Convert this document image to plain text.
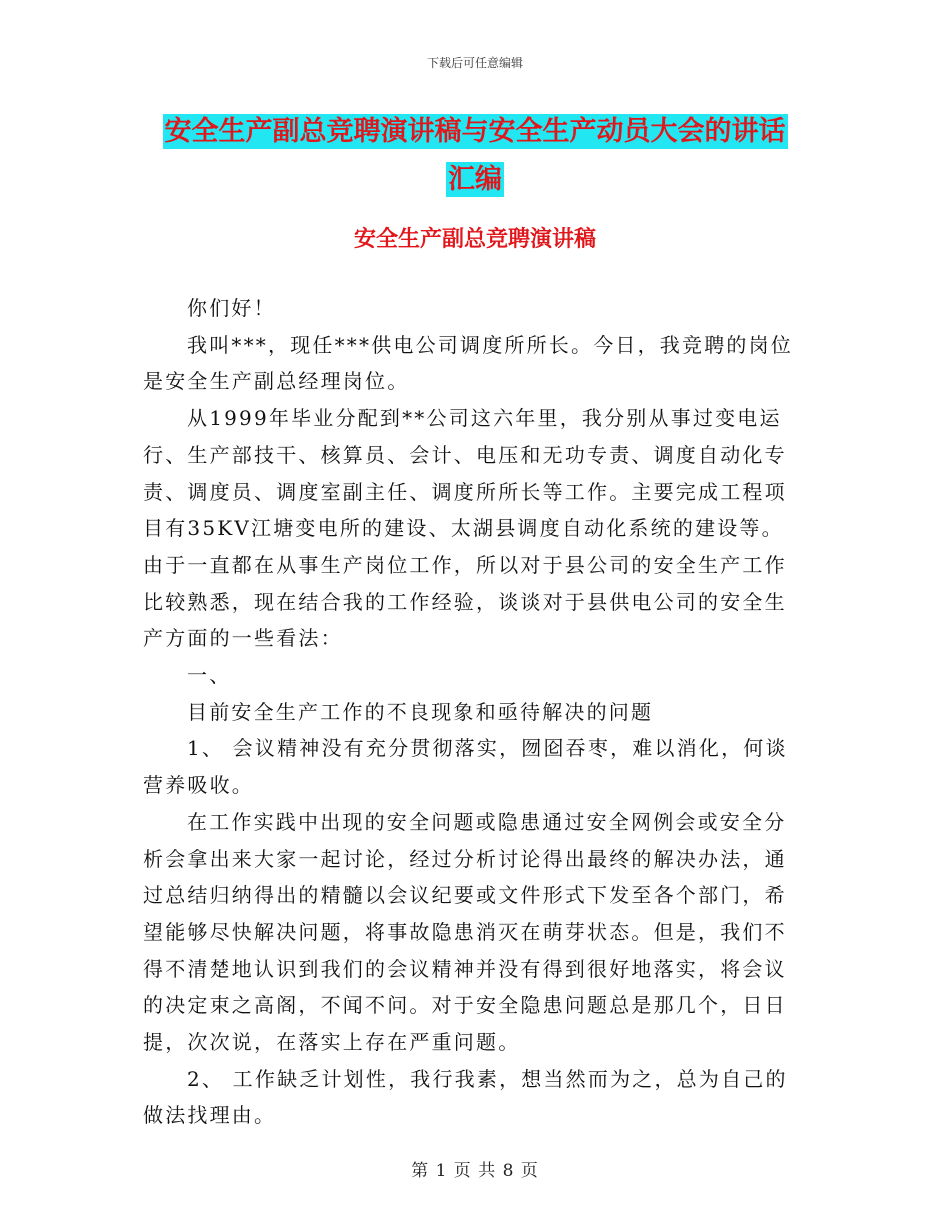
下载后可任意编辑
安全生产副总竞聘演讲稿与安全生产动员大会的讲话
汇编
安全生产副总竞聘演讲稿

你们好！

我叫***，现任***供电公司调度所所长。今日，我竞聘的岗位是安全生产副总经理岗位。

从1999年毕业分配到**公司这六年里，我分别从事过变电运行、生产部技干、核算员、会计、电压和无功专责、调度自动化专责、调度员、调度室副主任、调度所所长等工作。主要完成工程项目有35KV江塘变电所的建设、太湖县调度自动化系统的建设等。由于一直都在从事生产岗位工作，所以对于县公司的安全生产工作比较熟悉，现在结合我的工作经验，谈谈对于县供电公司的安全生产方面的一些看法：

一、

目前安全生产工作的不良现象和亟待解决的问题

1、 会议精神没有充分贯彻落实，囫囵吞枣，难以消化，何谈营养吸收。

在工作实践中出现的安全问题或隐患通过安全网例会或安全分析会拿出来大家一起讨论，经过分析讨论得出最终的解决办法，通过总结归纳得出的精髓以会议纪要或文件形式下发至各个部门，希望能够尽快解决问题，将事故隐患消灭在萌芽状态。但是，我们不得不清楚地认识到我们的会议精神并没有得到很好地落实，将会议的决定束之高阁，不闻不问。对于安全隐患问题总是那几个，日日提，次次说，在落实上存在严重问题。

2、 工作缺乏计划性，我行我素，想当然而为之，总为自己的做法找理由。

第 1 页 共 8 页
